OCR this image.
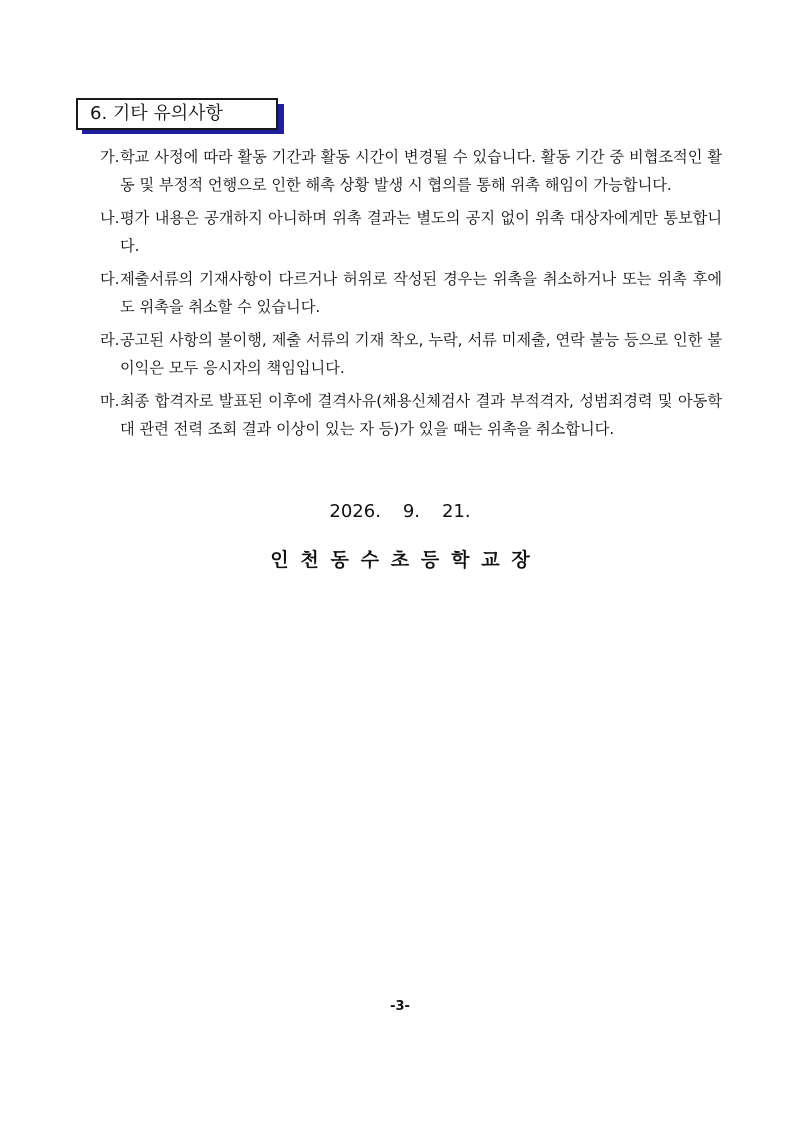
6. 기타 유의사항
가. 학교 사정에 따라 활동 기간과 활동 시간이 변경될 수 있습니다. 활동 기간 중 비협조적인 활동 및 부정적 언행으로 인한 해촉 상황 발생 시 협의를 통해 위촉 해임이 가능합니다.
나. 평가 내용은 공개하지 아니하며 위촉 결과는 별도의 공지 없이 위촉 대상자에게만 통보합니다.
다. 제출서류의 기재사항이 다르거나 허위로 작성된 경우는 위촉을 취소하거나 또는 위촉 후에도 위촉을 취소할 수 있습니다.
라. 공고된 사항의 불이행, 제출 서류의 기재 착오, 누락, 서류 미제출, 연락 불능 등으로 인한 불이익은 모두 응시자의 책임입니다.
마. 최종 합격자로 발표된 이후에 결격사유(채용신체검사 결과 부적격자, 성범죄경력 및 아동학대 관련 전력 조회 결과 이상이 있는 자 등)가 있을 때는 위촉을 취소합니다.
2026. 9. 21.
인천동수초등학교장
-3-
